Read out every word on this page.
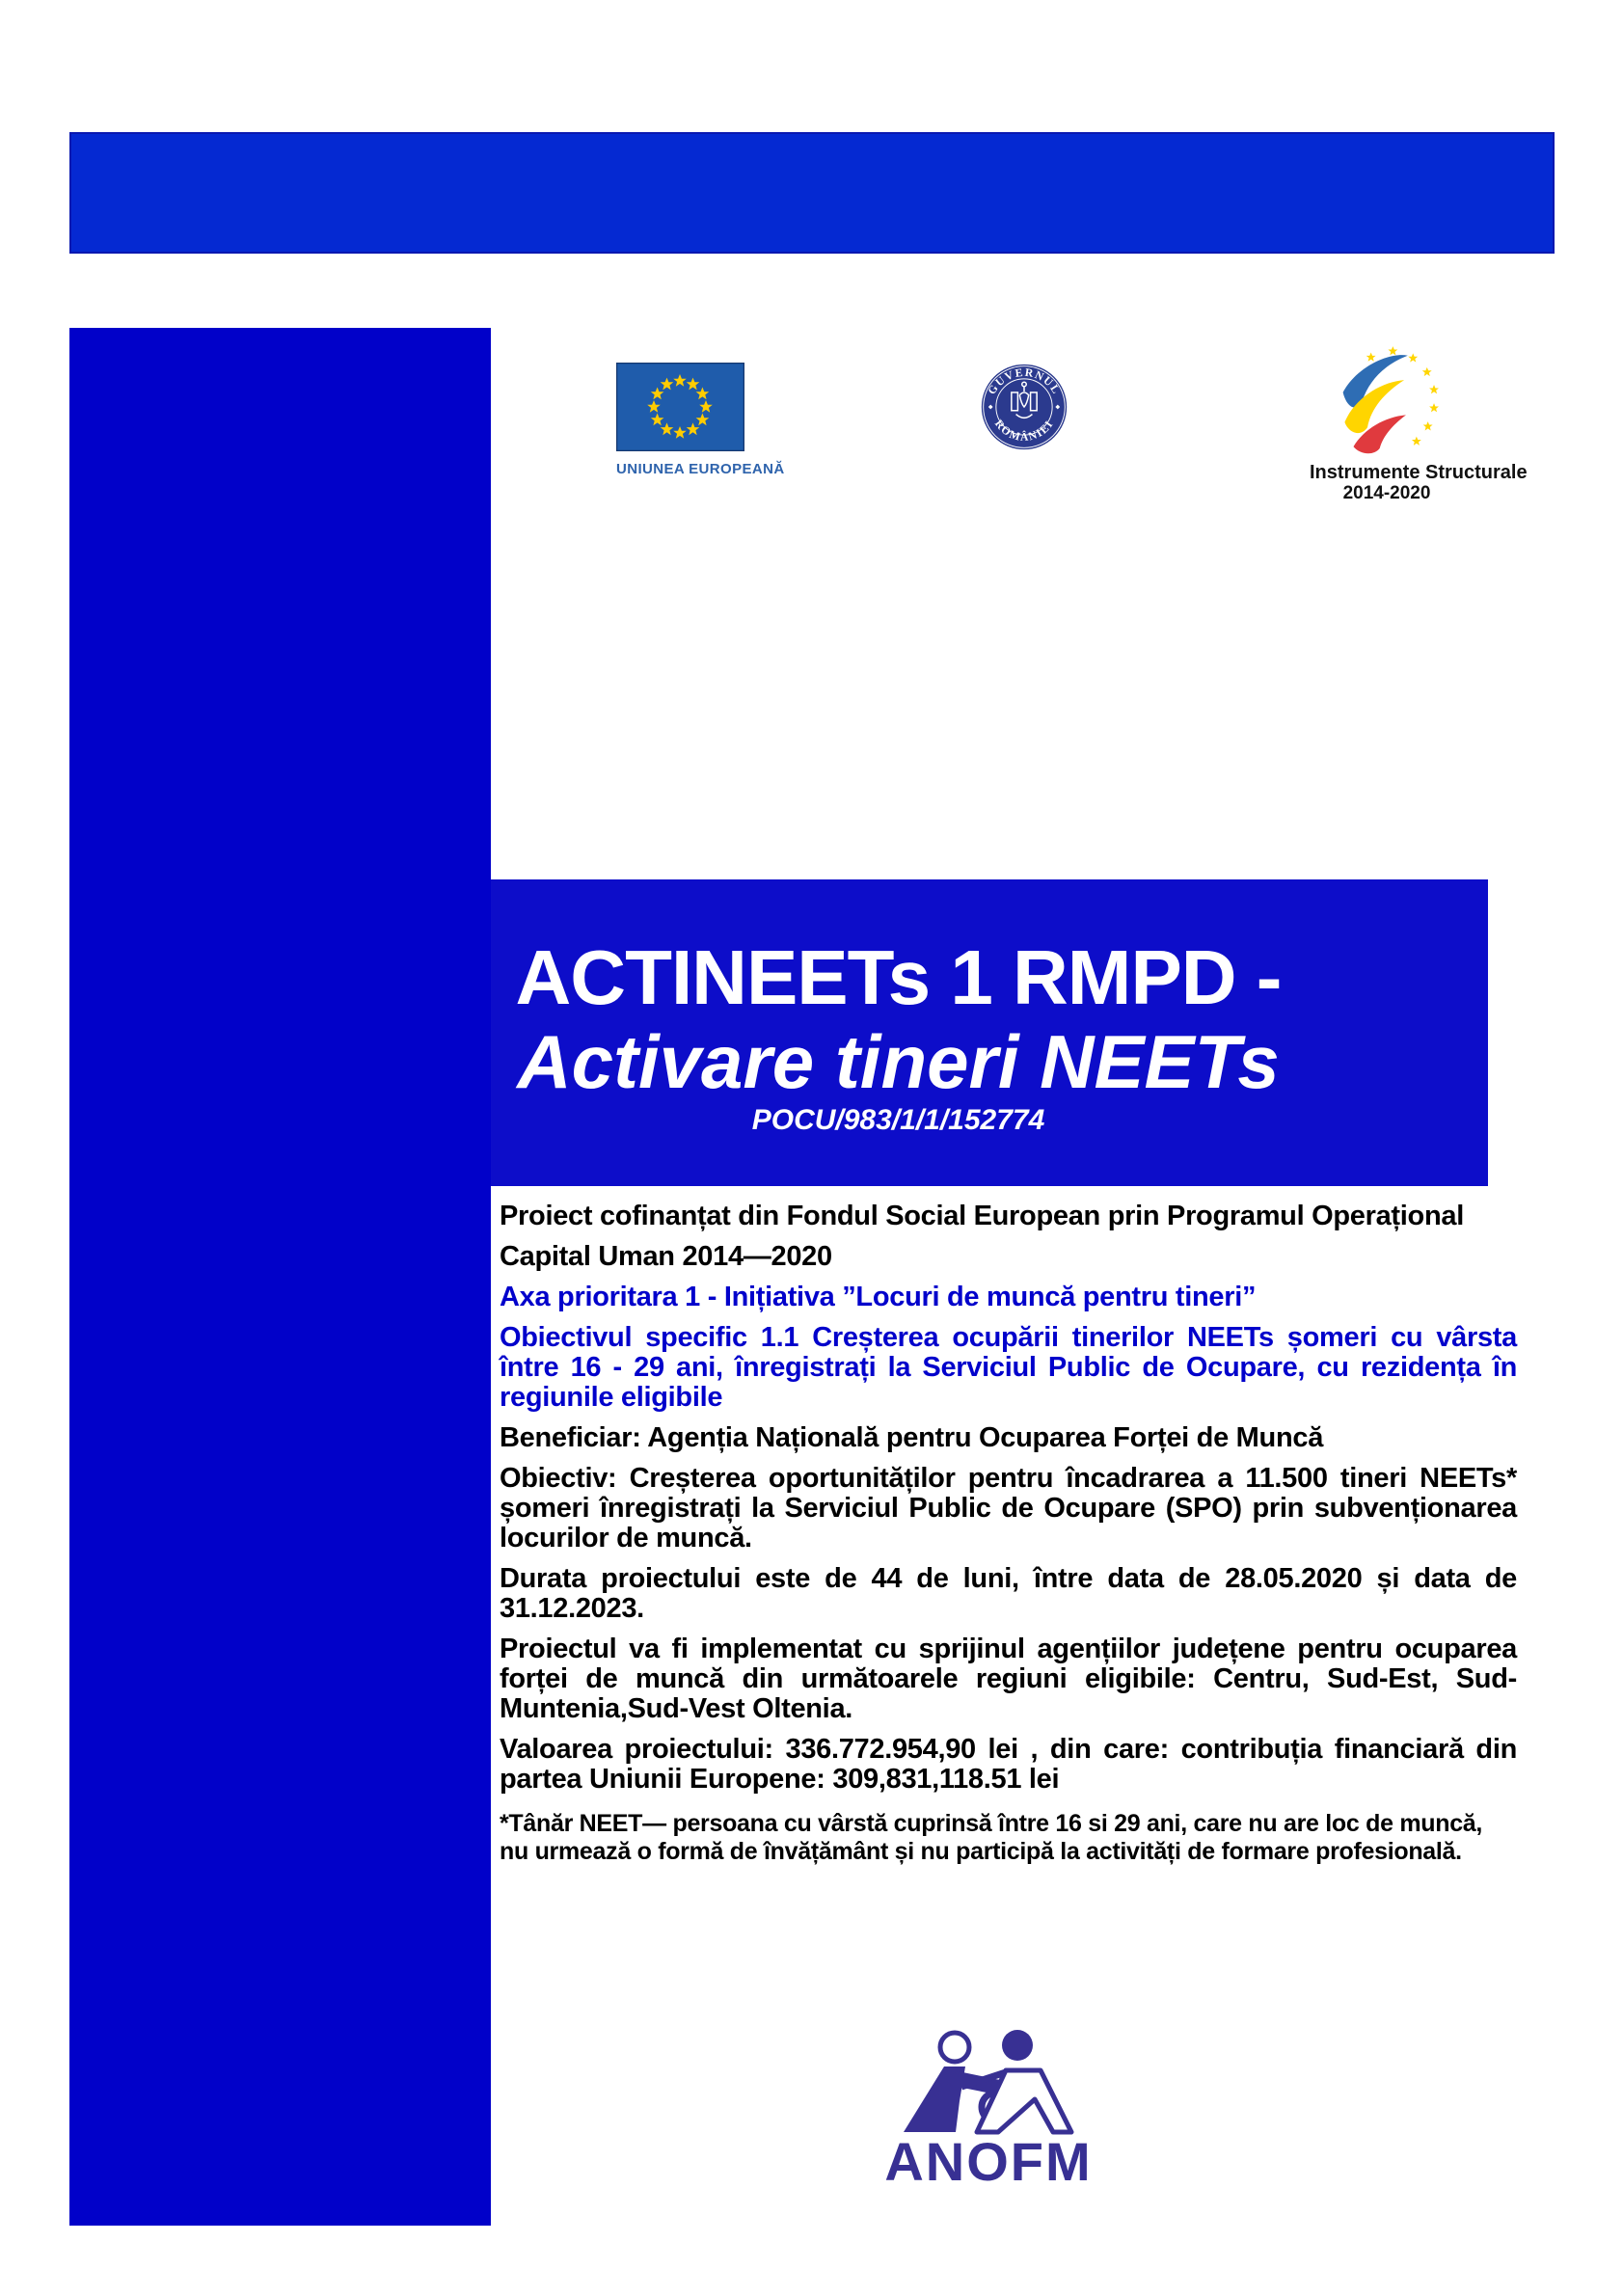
UNIUNEA EUROPEANĂ
GUVERNUL
ROMÂNIEI
Instrumente Structurale
2014-2020
ACTINEETs 1 RMPD -
Activare tineri NEETs
POCU/983/1/1/152774

Proiect cofinanțat din Fondul Social European prin Programul Operațional

Capital Uman 2014—2020

Axa prioritara 1 - Inițiativa ”Locuri de muncă pentru tineri”

Obiectivul specific 1.1 Creșterea ocupării tinerilor NEETs șomeri cu vârsta între 16 - 29 ani, înregistrați la Serviciul Public de Ocupare, cu rezidența în regiunile eligibile

Beneficiar: Agenția Națională pentru Ocuparea Forței de Muncă

Obiectiv: Creșterea oportunităților pentru încadrarea a 11.500 tineri NEETs* șomeri înregistrați la Serviciul Public de Ocupare (SPO) prin subvenționarea locurilor de muncă.

Durata proiectului este de 44 de luni, între data de 28.05.2020 și data de 31.12.2023.

Proiectul va fi implementat cu sprijinul agențiilor județene pentru ocuparea forței de muncă din următoarele regiuni eligibile: Centru, Sud-Est, Sud-Muntenia,Sud-Vest Oltenia.

Valoarea proiectului: 336.772.954,90 lei , din care: contribuția financiară din partea Uniunii Europene: 309,831,118.51 lei

*Tânăr NEET— persoana cu vârstă cuprinsă între 16 si 29 ani, care nu are loc de muncă, nu urmează o formă de învățământ și nu participă la activități de formare profesională.

ANOFM
